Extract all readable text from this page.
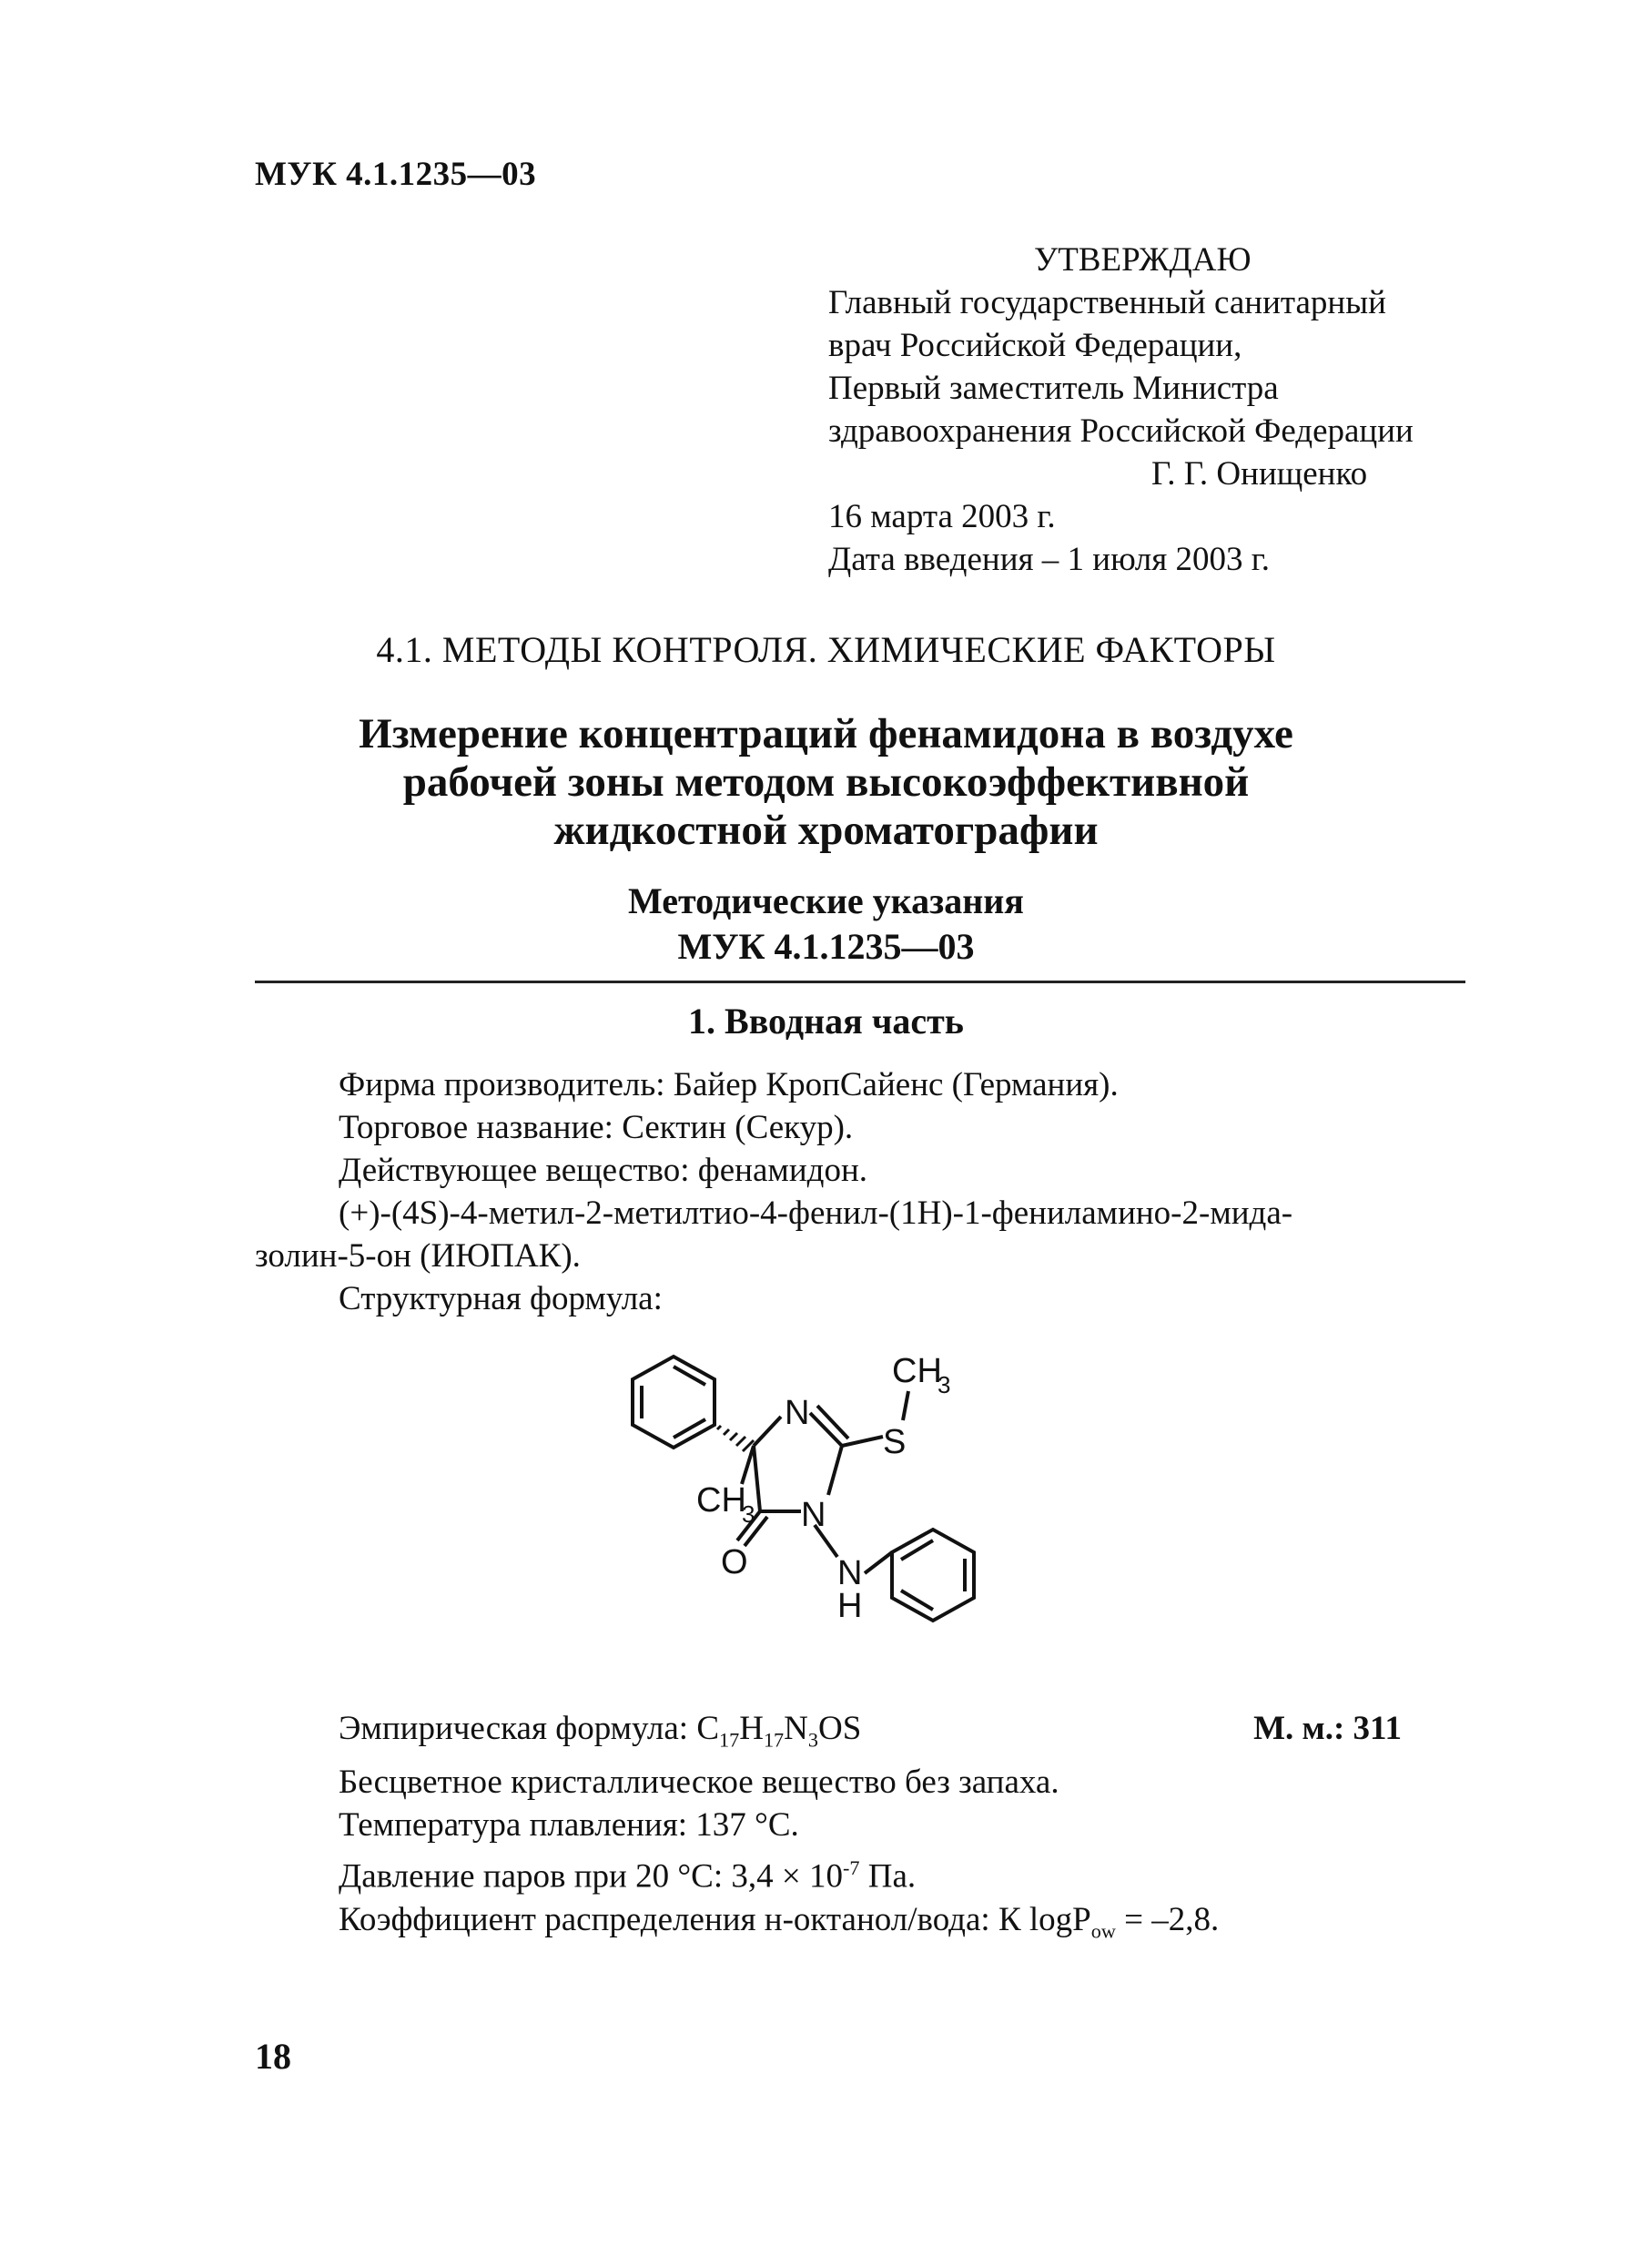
МУК 4.1.1235—03
УТВЕРЖДАЮ
Главный государственный санитарный
врач Российской Федерации,
Первый заместитель Министра
здравоохранения Российской Федерации
Г. Г. Онищенко
16 марта 2003 г.
Дата введения – 1 июля 2003 г.
4.1. МЕТОДЫ КОНТРОЛЯ. ХИМИЧЕСКИЕ ФАКТОРЫ
Измерение концентраций фенамидона в воздухе
рабочей зоны методом высокоэффективной
жидкостной хроматографии
Методические указания
МУК 4.1.1235—03
1. Вводная часть
Фирма производитель: Байер КропСайенс (Германия).
Торговое название: Сектин (Секур).
Действующее вещество: фенамидон.
(+)-(4S)-4-метил-2-метилтио-4-фенил-(1H)-1-фениламино-2-мида-
золин-5-он (ИЮПАК).
Структурная формула:
N
S
CH
3
CH
3 N
O	N
H
Эмпирическая формула: $C_{17}H_{17}N_3OS$	М. м.: 311
Бесцветное кристаллическое вещество без запаха.
Температура плавления: 137 °С.
Давление паров при 20 °С: $3,4 \times 10^{-7}$ Па.
Коэффициент распределения н-октанол/вода: К logP$_{ow}$ = –2,8.
18
